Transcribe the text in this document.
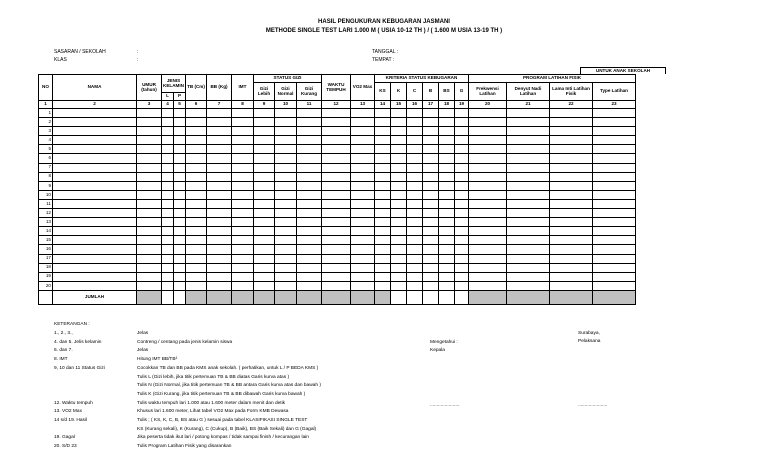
HASIL PENGUKURAN KEBUGARAN JASMANI
METHODE SINGLE TEST LARI 1.000 M ( USIA 10-12 TH ) / ( 1.600 M USIA 13-19 TH )
SASARAN / SEKOLAH	:
KLAS	:
TANGGAL :
TEMPAT :
UNTUK ANAK SEKOLAH
NO	NAMA	UMUR (tahun)	JENIS KELAMIN		TB (Cm)	BB (Kg)	IMT	STATUS GIZI			WAKTU TEMPUH	VO2 Max	KRITERIA STATUS KEBUGARAN						PROGRAM LATIHAN FISIK			
								Gizi Lebih	Gizi Normal	Gizi Kurang			KS	K	C	B	BS	G	Frekwensi Latihan	Denyut Nadi Latihan	Lama Inti Latihan Fisik	Type Latihan
			L	P																		
1	2	3	4	5	6	7	8	9	10	11	12	13	14	15	16	17	18	19	20	21	22	23
1																						
2																						
3																						
4																						
5																						
6																						
7																						
8																						
9																						
10																						
11																						
12																						
13																						
14																						
15																						
16																						
17																						
18																						
19																						
20																						
	JUMLAH																					
KETERANGAN :
1., 2., 3.,	Jelas
4. dan 5. Jelis kelamin	Contreng / centang pada jenis kelamin siswa
6. dan 7.	Jelas
8. IMT	Hitung IMT BB/TB²
9, 10 dan 11 Status Gizi	Cocokkan TB dan BB pada KMS anak sekolah. ( perhatikan, untuk L / P BEDA KMS )
Tulis L (Gizi lebih, jika titik pertemuan TB & BB diatas Garis kurva atas )
Tulis N (Gizi Normal, jika titik pertemuan TB & BB antara Garis kurva atas dan bawah )
Tulis K (Gizi Kurang, jika titik pertemuan TB & BB dibawah Garis kurva bawah )
12. Waktu tempuh	Tulis waktu tempuh lari 1.000 atau 1.600 meter dalam menit dan detik
13. VO2 Max	Khusus lari 1.600 meter, Lihat tabel VO2 Max pada Form KMB Dewasa
14 s/d 19. Hasil	Tulis ; ( KS, K, C, B, BS atau G ) sesuai pada tabel KLASIFIKASI SINGLE TEST
KS (Kurang sekali), K (Kurang), C (Cukup), B (Baik), BS (Baik Sekali) dan G (Gagal)
19. Gagal	Jika peserta tidak ikut lari / potong kompas / tidak sampai finish / kecurangan lain
20. S/D 23	Tulis Program Latihan Fisik yang disarankan
Mengetahui :
Kepala
Surabaya,
Pelaksana
......................	......................
